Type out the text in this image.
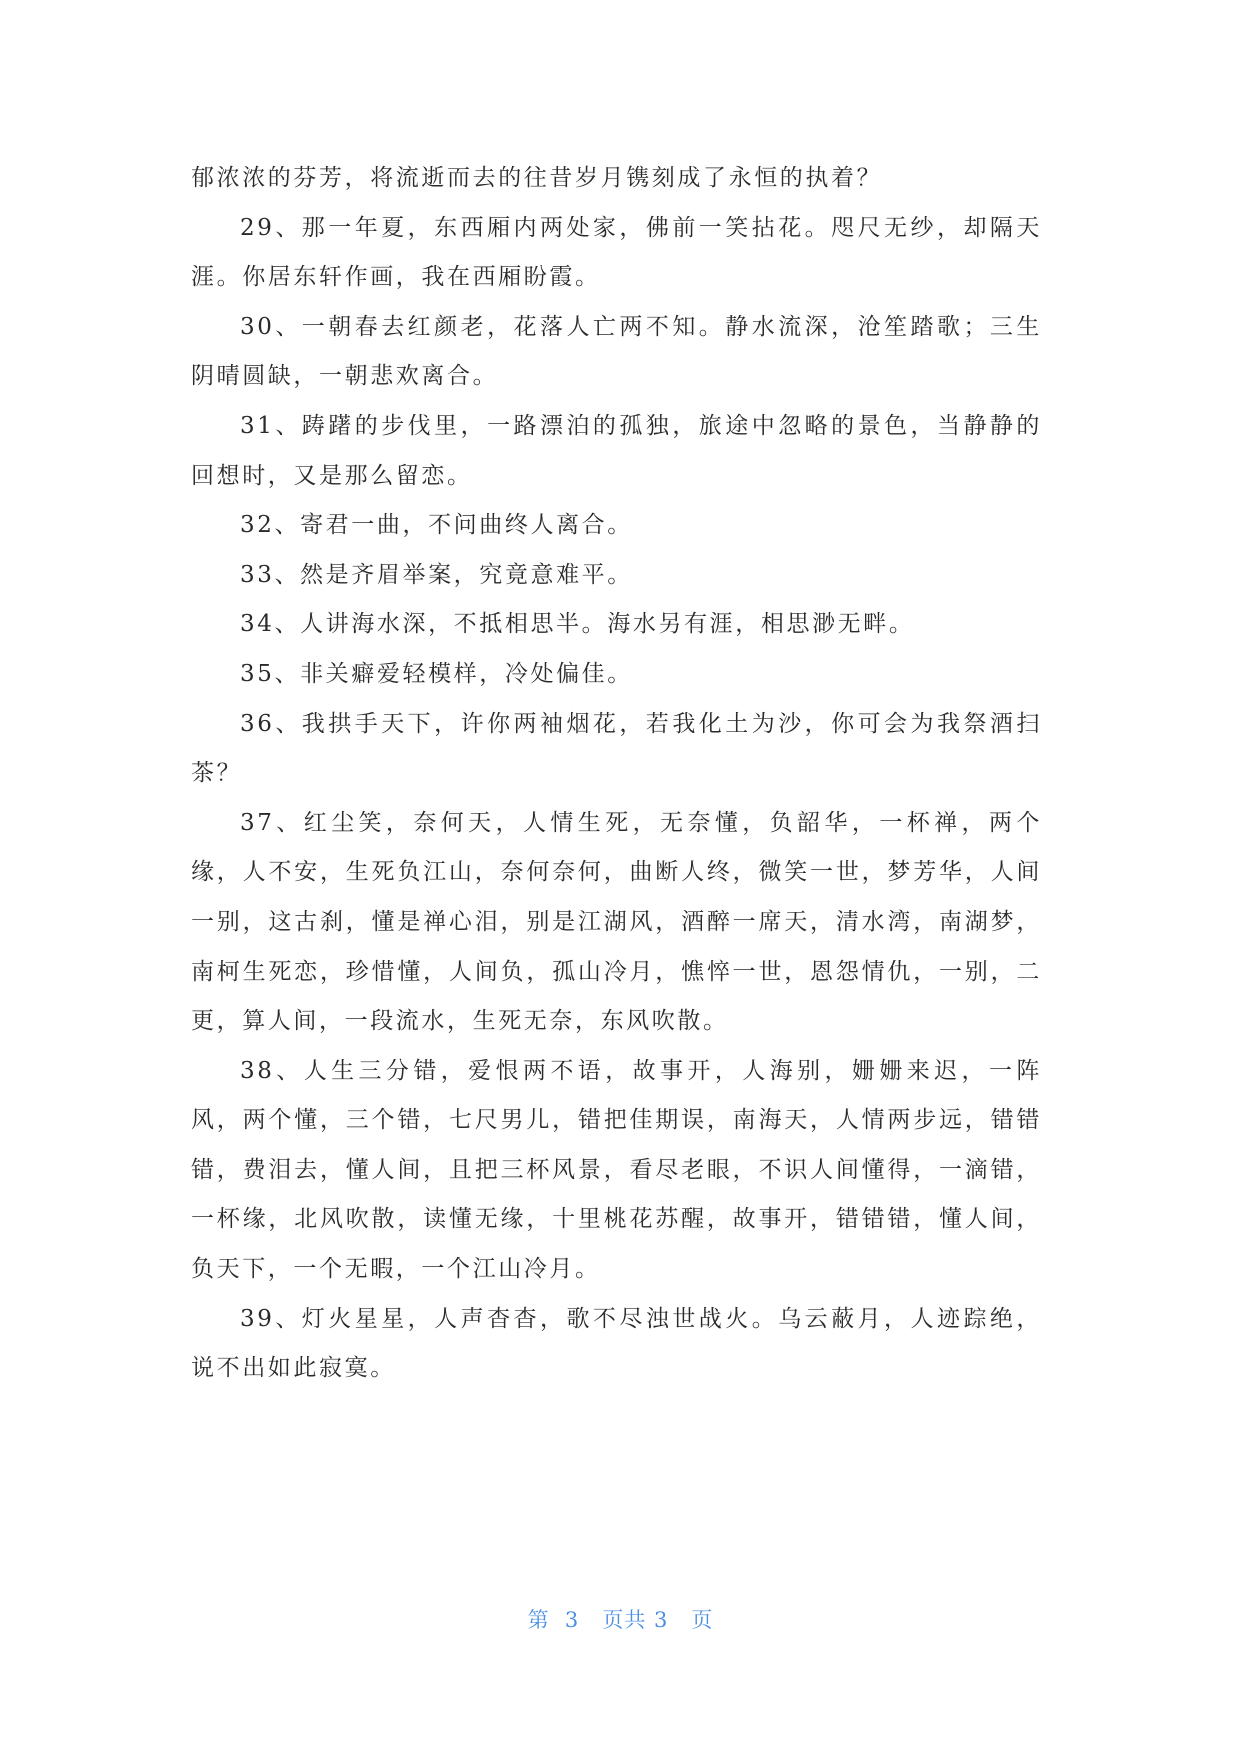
郁浓浓的芬芳，将流逝而去的往昔岁月镌刻成了永恒的执着？

29、那一年夏，东西厢内两处家，佛前一笑拈花。咫尺无纱，却隔天涯。你居东轩作画，我在西厢盼霞。

30、一朝春去红颜老，花落人亡两不知。静水流深，沧笙踏歌；三生阴晴圆缺，一朝悲欢离合。

31、踌躇的步伐里，一路漂泊的孤独，旅途中忽略的景色，当静静的回想时，又是那么留恋。

32、寄君一曲，不问曲终人离合。

33、然是齐眉举案，究竟意难平。

34、人讲海水深，不抵相思半。海水另有涯，相思渺无畔。

35、非关癖爱轻模样，冷处偏佳。

36、我拱手天下，许你两袖烟花，若我化土为沙，你可会为我祭酒扫茶？

37、红尘笑，奈何天，人情生死，无奈懂，负韶华，一杯禅，两个缘，人不安，生死负江山，奈何奈何，曲断人终，微笑一世，梦芳华，人间一别，这古刹，懂是禅心泪，别是江湖风，酒醉一席天，清水湾，南湖梦，南柯生死恋，珍惜懂，人间负，孤山冷月，憔悴一世，恩怨情仇，一别，二更，算人间，一段流水，生死无奈，东风吹散。

38、人生三分错，爱恨两不语，故事开，人海别，姗姗来迟，一阵风，两个懂，三个错，七尺男儿，错把佳期误，南海天，人情两步远，错错错，费泪去，懂人间，且把三杯风景，看尽老眼，不识人间懂得，一滴错，一杯缘，北风吹散，读懂无缘，十里桃花苏醒，故事开，错错错，懂人间，负天下，一个无暇，一个江山冷月。

39、灯火星星，人声杳杳，歌不尽浊世战火。乌云蔽月，人迹踪绝，说不出如此寂寞。

第 3 页共 3 页
